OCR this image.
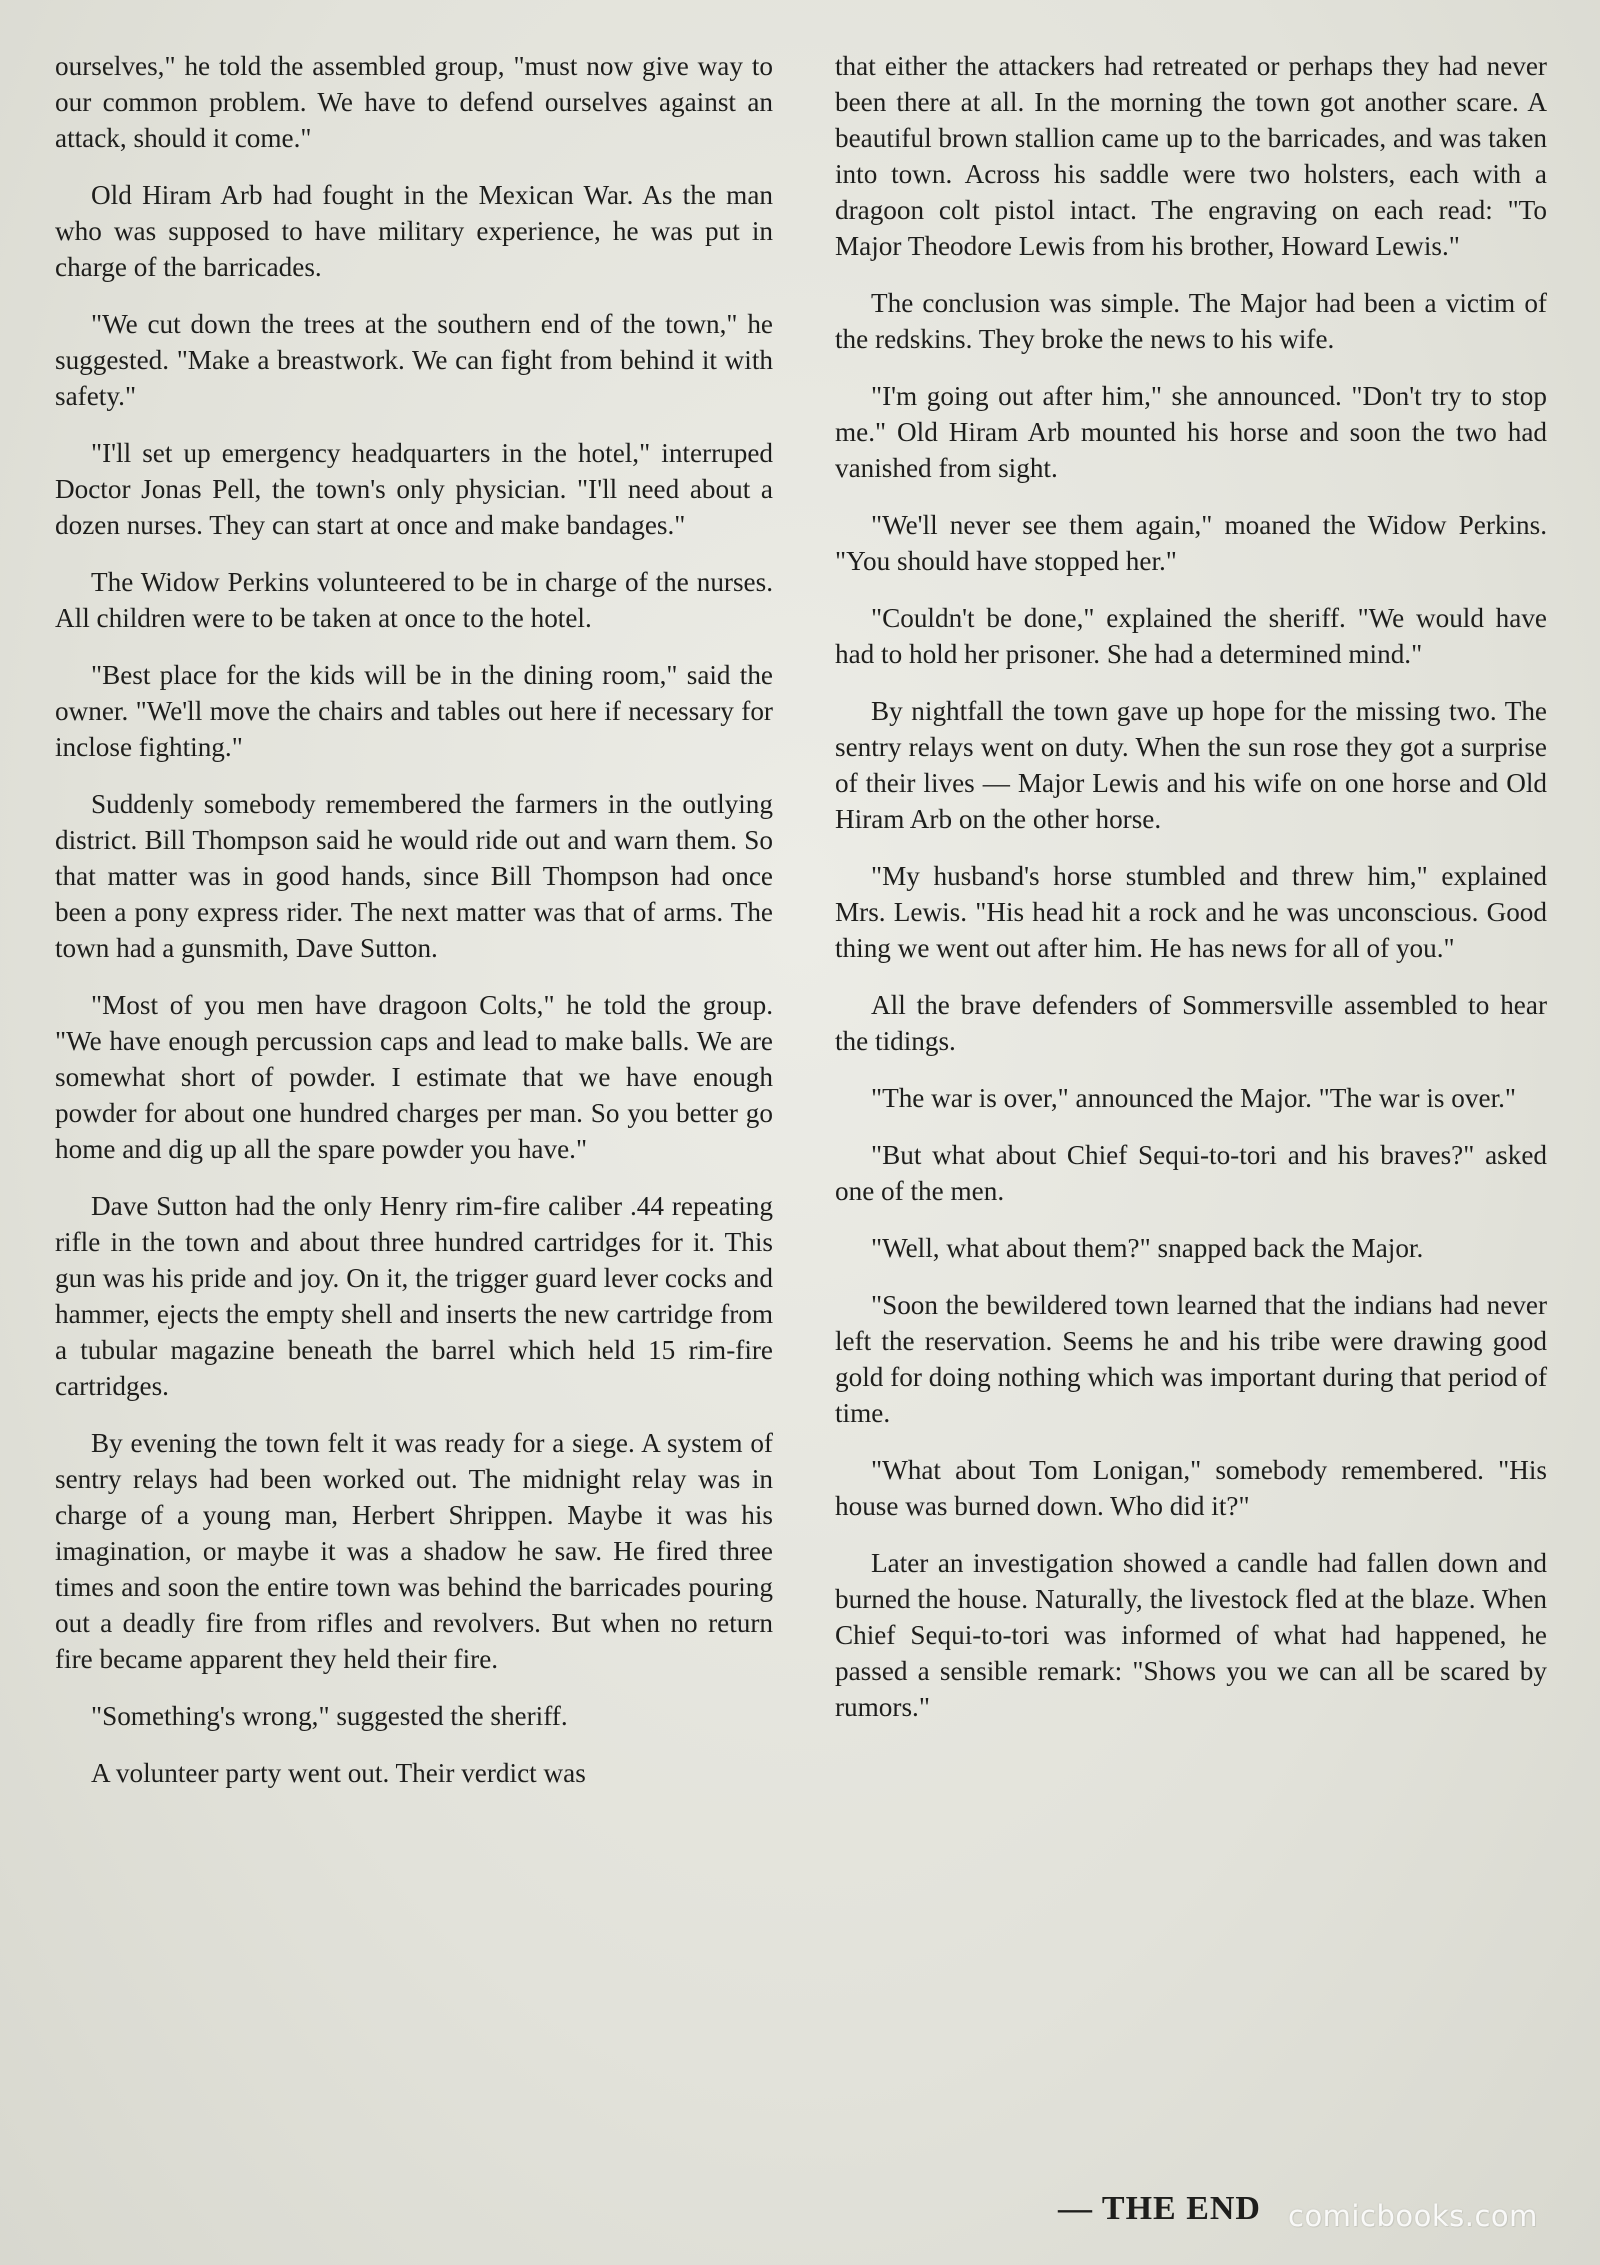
ourselves," he told the assembled group, "must now give way to our common problem. We have to defend ourselves against an attack, should it come."

Old Hiram Arb had fought in the Mexican War. As the man who was supposed to have military experience, he was put in charge of the barricades.

"We cut down the trees at the southern end of the town," he suggested. "Make a breastwork. We can fight from behind it with safety."

"I'll set up emergency headquarters in the hotel," interruped Doctor Jonas Pell, the town's only physician. "I'll need about a dozen nurses. They can start at once and make bandages."

The Widow Perkins volunteered to be in charge of the nurses. All children were to be taken at once to the hotel.

"Best place for the kids will be in the dining room," said the owner. "We'll move the chairs and tables out here if necessary for inclose fighting."

Suddenly somebody remembered the farmers in the outlying district. Bill Thompson said he would ride out and warn them. So that matter was in good hands, since Bill Thompson had once been a pony express rider. The next matter was that of arms. The town had a gunsmith, Dave Sutton.

"Most of you men have dragoon Colts," he told the group. "We have enough percussion caps and lead to make balls. We are somewhat short of powder. I estimate that we have enough powder for about one hundred charges per man. So you better go home and dig up all the spare powder you have."

Dave Sutton had the only Henry rim-fire caliber .44 repeating rifle in the town and about three hundred cartridges for it. This gun was his pride and joy. On it, the trigger guard lever cocks and hammer, ejects the empty shell and inserts the new cartridge from a tubular magazine beneath the barrel which held 15 rim-fire cartridges.

By evening the town felt it was ready for a siege. A system of sentry relays had been worked out. The midnight relay was in charge of a young man, Herbert Shrippen. Maybe it was his imagination, or maybe it was a shadow he saw. He fired three times and soon the entire town was behind the barricades pouring out a deadly fire from rifles and revolvers. But when no return fire became apparent they held their fire.

"Something's wrong," suggested the sheriff.

A volunteer party went out. Their verdict was

that either the attackers had retreated or perhaps they had never been there at all. In the morning the town got another scare. A beautiful brown stallion came up to the barricades, and was taken into town. Across his saddle were two holsters, each with a dragoon colt pistol intact. The engraving on each read: "To Major Theodore Lewis from his brother, Howard Lewis."

The conclusion was simple. The Major had been a victim of the redskins. They broke the news to his wife.

"I'm going out after him," she announced. "Don't try to stop me." Old Hiram Arb mounted his horse and soon the two had vanished from sight.

"We'll never see them again," moaned the Widow Perkins. "You should have stopped her."

"Couldn't be done," explained the sheriff. "We would have had to hold her prisoner. She had a determined mind."

By nightfall the town gave up hope for the missing two. The sentry relays went on duty. When the sun rose they got a surprise of their lives — Major Lewis and his wife on one horse and Old Hiram Arb on the other horse.

"My husband's horse stumbled and threw him," explained Mrs. Lewis. "His head hit a rock and he was unconscious. Good thing we went out after him. He has news for all of you."

All the brave defenders of Sommersville assembled to hear the tidings.

"The war is over," announced the Major. "The war is over."

"But what about Chief Sequi-to-tori and his braves?" asked one of the men.

"Well, what about them?" snapped back the Major.

"Soon the bewildered town learned that the indians had never left the reservation. Seems he and his tribe were drawing good gold for doing nothing which was important during that period of time.

"What about Tom Lonigan," somebody remembered. "His house was burned down. Who did it?"

Later an investigation showed a candle had fallen down and burned the house. Naturally, the livestock fled at the blaze. When Chief Sequi-to-tori was informed of what had happened, he passed a sensible remark: "Shows you we can all be scared by rumors."

— THE END comicbooks.com
